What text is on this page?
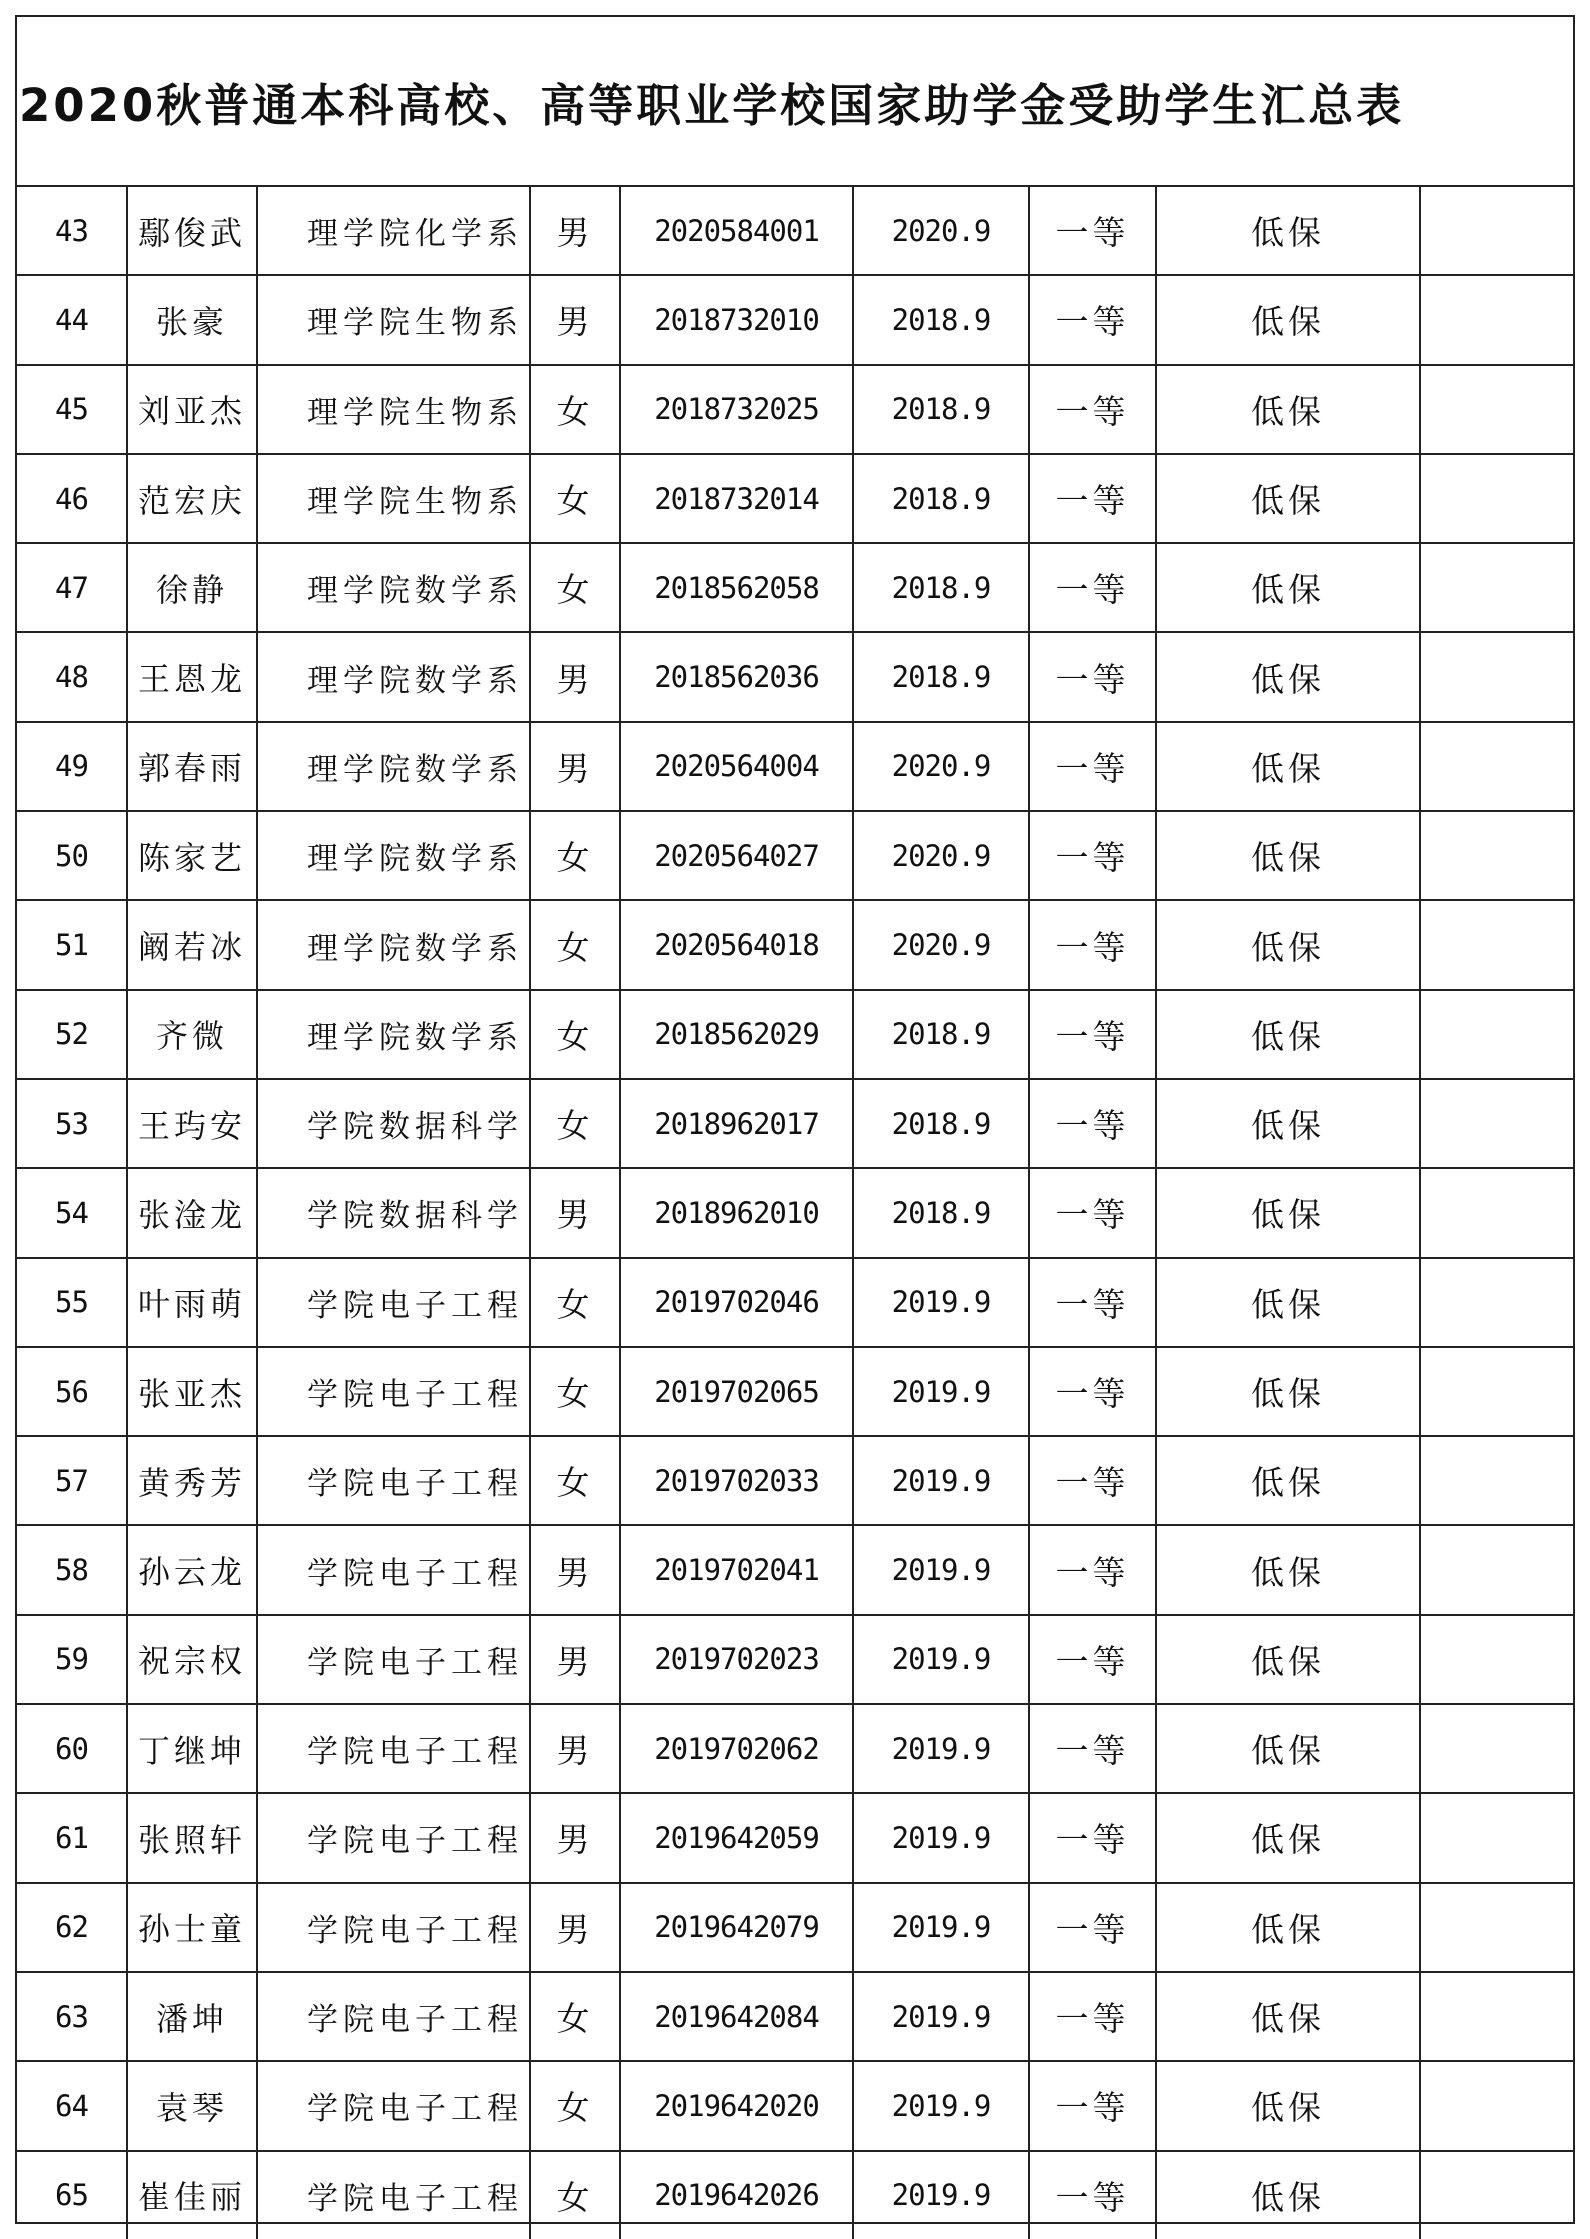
2020秋普通本科高校、高等职业学校国家助学金受助学生汇总表
43	鄢俊武	理学院化学系	男	2020584001	2020.9	一等	低保	
44	张豪	理学院生物系	男	2018732010	2018.9	一等	低保	
45	刘亚杰	理学院生物系	女	2018732025	2018.9	一等	低保	
46	范宏庆	理学院生物系	女	2018732014	2018.9	一等	低保	
47	徐静	理学院数学系	女	2018562058	2018.9	一等	低保	
48	王恩龙	理学院数学系	男	2018562036	2018.9	一等	低保	
49	郭春雨	理学院数学系	男	2020564004	2020.9	一等	低保	
50	陈家艺	理学院数学系	女	2020564027	2020.9	一等	低保	
51	阚若冰	理学院数学系	女	2020564018	2020.9	一等	低保	
52	齐微	理学院数学系	女	2018562029	2018.9	一等	低保	
53	王玙安	学院数据科学	女	2018962017	2018.9	一等	低保	
54	张淦龙	学院数据科学	男	2018962010	2018.9	一等	低保	
55	叶雨萌	学院电子工程	女	2019702046	2019.9	一等	低保	
56	张亚杰	学院电子工程	女	2019702065	2019.9	一等	低保	
57	黄秀芳	学院电子工程	女	2019702033	2019.9	一等	低保	
58	孙云龙	学院电子工程	男	2019702041	2019.9	一等	低保	
59	祝宗权	学院电子工程	男	2019702023	2019.9	一等	低保	
60	丁继坤	学院电子工程	男	2019702062	2019.9	一等	低保	
61	张照轩	学院电子工程	男	2019642059	2019.9	一等	低保	
62	孙士童	学院电子工程	男	2019642079	2019.9	一等	低保	
63	潘坤	学院电子工程	女	2019642084	2019.9	一等	低保	
64	袁琴	学院电子工程	女	2019642020	2019.9	一等	低保	
65	崔佳丽	学院电子工程	女	2019642026	2019.9	一等	低保	
